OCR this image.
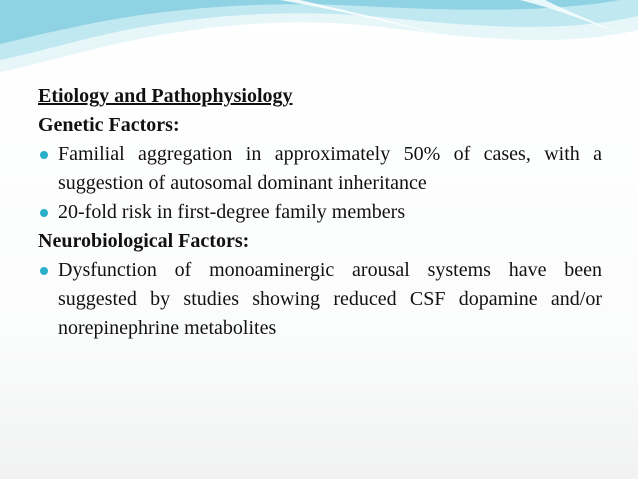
Etiology and Pathophysiology
Genetic Factors:
Familial aggregation in approximately 50% of cases, with a suggestion of autosomal dominant inheritance
20-fold risk in first-degree family members
Neurobiological Factors:
Dysfunction of monoaminergic arousal systems have been suggested by studies showing reduced CSF dopamine and/or norepinephrine metabolites
